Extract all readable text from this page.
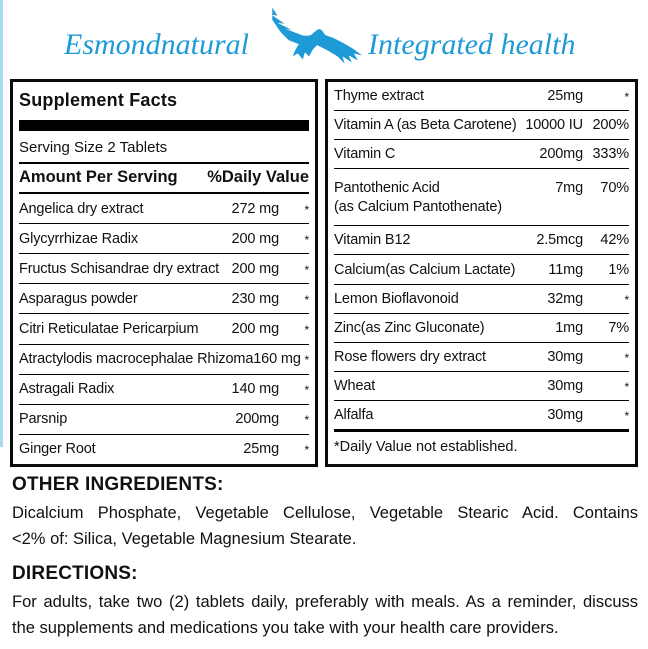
Esmondnatural	Integrated health
Supplement Facts
Serving Size 2 Tablets
Amount Per Serving %Daily Value
Angelica dry extract	272 mg	*
Glycyrrhizae Radix	200 mg	*
Fructus Schisandrae dry extract 200 mg	*
Asparagus powder	230 mg	*
Citri Reticulatae Pericarpium 200 mg	*
Atractylodis macrocephalae Rhizoma 160 mg *
Astragali Radix	140 mg	*
Parsnip	200mg	*
Ginger Root	25mg	*
Thyme extract	25mg	*
Vitamin A (as Beta Carotene) 10000 IU 200%
Vitamin C	200mg 333%
Pantothenic Acid	7mg	70%
(as Calcium Pantothenate)
Vitamin B12	2.5mcg	42%
Calcium(as Calcium Lactate) 11mg	1%
Lemon Bioflavonoid	32mg	*
Zinc(as Zinc Gluconate)	1mg	7%
Rose flowers dry extract	30mg	*
Wheat	30mg	*
Alfalfa	30mg	*
*Daily Value not established.
OTHER INGREDIENTS:
Dicalcium Phosphate, Vegetable Cellulose, Vegetable Stearic Acid. Contains
<2% of: Silica, Vegetable Magnesium Stearate.
DIRECTIONS:
For adults, take two (2) tablets daily, preferably with meals. As a reminder, discuss
the supplements and medications you take with your health care providers.
